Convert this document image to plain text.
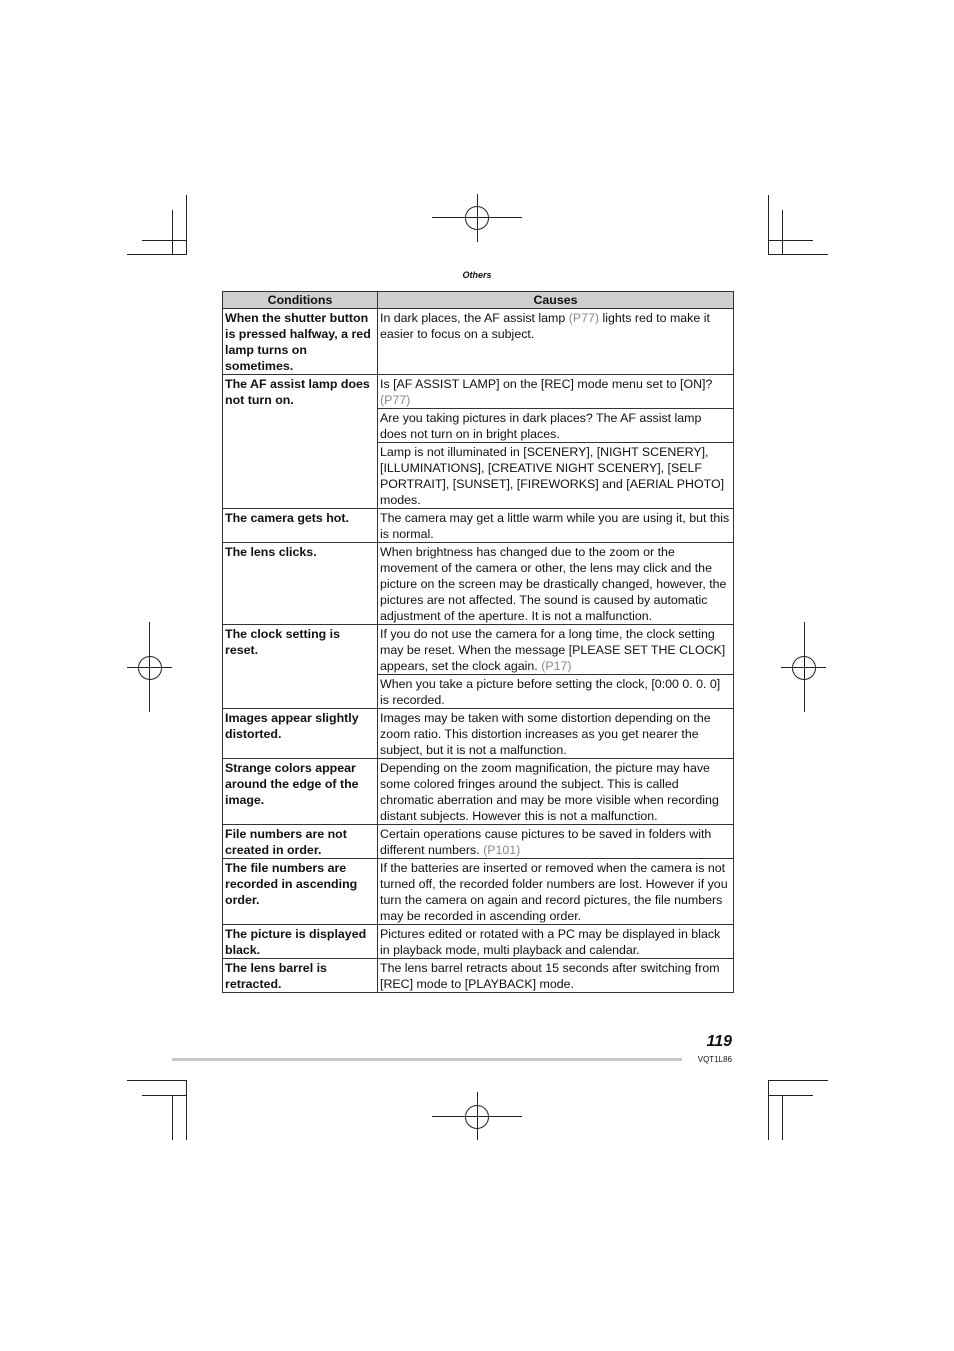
Others
Conditions	Causes
When the shutter button is pressed halfway, a red lamp turns on sometimes.	In dark places, the AF assist lamp (P77) lights red to make it easier to focus on a subject.
The AF assist lamp does not turn on.	Is [AF ASSIST LAMP] on the [REC] mode menu set to [ON]? (P77)
	Are you taking pictures in dark places? The AF assist lamp does not turn on in bright places.
	Lamp is not illuminated in [SCENERY], [NIGHT SCENERY], [ILLUMINATIONS], [CREATIVE NIGHT SCENERY], [SELF PORTRAIT], [SUNSET], [FIREWORKS] and [AERIAL PHOTO] modes.
The camera gets hot.	The camera may get a little warm while you are using it, but this is normal.
The lens clicks.	When brightness has changed due to the zoom or the movement of the camera or other, the lens may click and the picture on the screen may be drastically changed, however, the pictures are not affected. The sound is caused by automatic adjustment of the aperture. It is not a malfunction.
The clock setting is reset.	If you do not use the camera for a long time, the clock setting may be reset. When the message [PLEASE SET THE CLOCK] appears, set the clock again. (P17)
	When you take a picture before setting the clock, [0:00 0. 0. 0] is recorded.
Images appear slightly distorted.	Images may be taken with some distortion depending on the zoom ratio. This distortion increases as you get nearer the subject, but it is not a malfunction.
Strange colors appear around the edge of the image.	Depending on the zoom magnification, the picture may have some colored fringes around the subject. This is called chromatic aberration and may be more visible when recording distant subjects. However this is not a malfunction.
File numbers are not created in order.	Certain operations cause pictures to be saved in folders with different numbers. (P101)
The file numbers are recorded in ascending order.	If the batteries are inserted or removed when the camera is not turned off, the recorded folder numbers are lost. However if you turn the camera on again and record pictures, the file numbers may be recorded in ascending order.
The picture is displayed black.	Pictures edited or rotated with a PC may be displayed in black in playback mode, multi playback and calendar.
The lens barrel is retracted.	The lens barrel retracts about 15 seconds after switching from [REC] mode to [PLAYBACK] mode.
119
VQT1L86
